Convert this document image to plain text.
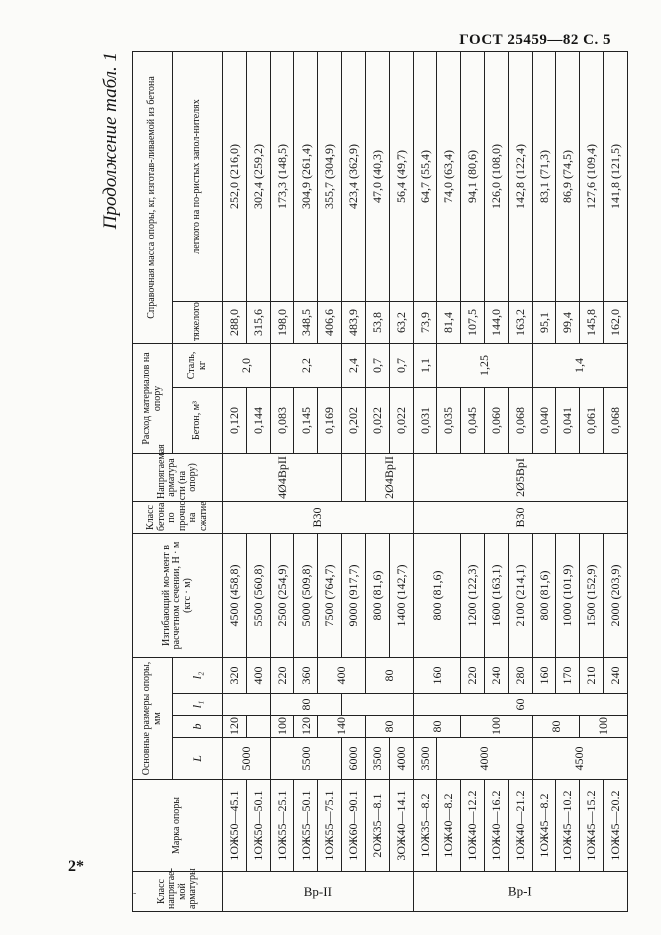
ГОСТ 25459—82 С. 5
2*
-
Продолжение табл. 1
Класс напрягае-мой арматуры	Марка опоры	Основные размеры опоры, мм				Изгибающий мо-мент в расчетном сечении, Н · м (кгс · м)	Класс бетона по прочности на сжатие	Напрягаемая арматура (на опору)	Расход материалов на опору		Справочная масса опоры, кг, изготав-ливаемой из бетона	
		L	b	l₁	l₂				Бетон, м³	Сталь, кг	тяжелого	легкого на по-ристых запол-нителях
Вр-II	1ОЖ50—45.1	5000	120		320	4500 (458,8)	В30	4Ø4ВрII	0,120	2,0	288,0	252,0 (216,0)
	1ОЖ50—50.1				400	5500 (560,8)			0,144		315,6	302,4 (259,2)
	1ОЖ55—25.1	5500	100	80	220	2500 (254,9)			0,083	2,2	198,0	173,3 (148,5)
	1ОЖ55—50.1		120		360	5000 (509,8)			0,145		348,5	304,9 (261,4)
	1ОЖ55—75.1		140		400	7500 (764,7)			0,169		406,6	355,7 (304,9)
	1ОЖ60—90.1	6000				9000 (917,7)			0,202	2,4	483,9	423,4 (362,9)
	2ОЖ35—8.1	3500	80		80	800 (81,6)		2Ø4ВрII	0,022	0,7	53,8	47,0 (40,3)
	3ОЖ40—14.1	4000				1400 (142,7)			0,022	0,7	63,2	56,4 (49,7)
Вр-I	1ОЖ35—8.2	3500	80	60	160	800 (81,6)	В30	2Ø5ВрI	0,031	1,1	73,9	64,7 (55,4)
	1ОЖ40—8.2	4000							0,035	1,25	81,4	74,0 (63,4)
	1ОЖ40—12.2		100		220	1200 (122,3)			0,045		107,5	94,1 (80,6)
	1ОЖ40—16.2				240	1600 (163,1)			0,060		144,0	126,0 (108,0)
	1ОЖ40—21.2				280	2100 (214,1)			0,068		163,2	142,8 (122,4)
	1ОЖ45—8.2	4500	80		160	800 (81,6)			0,040	1,4	95,1	83,1 (71,3)
	1ОЖ45—10.2				170	1000 (101,9)			0,041		99,4	86,9 (74,5)
	1ОЖ45—15.2		100		210	1500 (152,9)			0,061		145,8	127,6 (109,4)
	1ОЖ45—20.2				240	2000 (203,9)			0,068		162,0	141,8 (121,5)
